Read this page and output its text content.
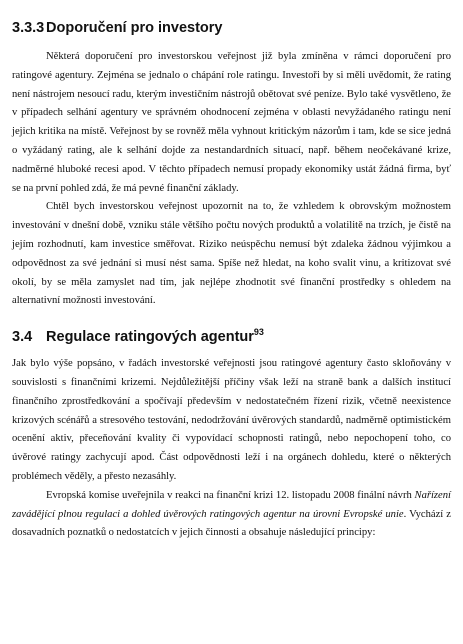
3.3.3 Doporučení pro investory

Některá doporučení pro investorskou veřejnost již byla zmíněna v rámci doporučení pro ratingové agentury. Zejména se jednalo o chápání role ratingu. Investoři by si měli uvědomit, že rating není nástrojem nesoucí radu, kterým investičním nástrojů obětovat své peníze. Bylo také vysvětleno, že v případech selhání agentury ve správném ohodnocení zejména v oblasti nevyžádaného ratingu není jejich kritika na místě. Veřejnost by se rovněž měla vyhnout kritickým názorům i tam, kde se sice jedná o vyžádaný rating, ale k selhání dojde za nestandardních situací, např. během neočekávané krize, nadměrné hluboké recesi apod. V těchto případech nemusí propady ekonomiky ustát žádná firma, byť se na první pohled zdá, že má pevné finanční základy.

Chtěl bych investorskou veřejnost upozornit na to, že vzhledem k obrovským možnostem investování v dnešní době, vzniku stále většího počtu nových produktů a volatilitě na trzích, je čistě na jejím rozhodnutí, kam investice směřovat. Riziko neúspěchu nemusí být zdaleka žádnou výjimkou a odpovědnost za své jednání si musí nést sama. Spíše než hledat, na koho svalit vinu, a kritizovat své okolí, by se měla zamyslet nad tím, jak nejlépe zhodnotit své finanční prostředky s ohledem na alternativní možnosti investování.

3.4 Regulace ratingových agentur$^{93}$

Jak bylo výše popsáno, v řadách investorské veřejnosti jsou ratingové agentury často skloňovány v souvislosti s finančními krizemi. Nejdůležitější příčiny však leží na straně bank a dalších institucí finančního zprostředkování a spočívají především v nedostatečném řízení rizik, včetně neexistence krizových scénářů a stresového testování, nedodržování úvěrových standardů, nadměrně optimistickém ocenění aktiv, přeceňování kvality či vypovídací schopnosti ratingů, nebo nepochopení toho, co úvěrové ratingy zachycují apod. Část odpovědnosti leží i na orgánech dohledu, které o některých problémech věděly, a přesto nezasáhly.

Evropská komise uveřejnila v reakci na finanční krizi 12. listopadu 2008 finální návrh Nařízení zavádějící plnou regulaci a dohled úvěrových ratingových agentur na úrovni Evropské unie. Vychází z dosavadních poznatků o nedostatcích v jejich činnosti a obsahuje následující principy:
